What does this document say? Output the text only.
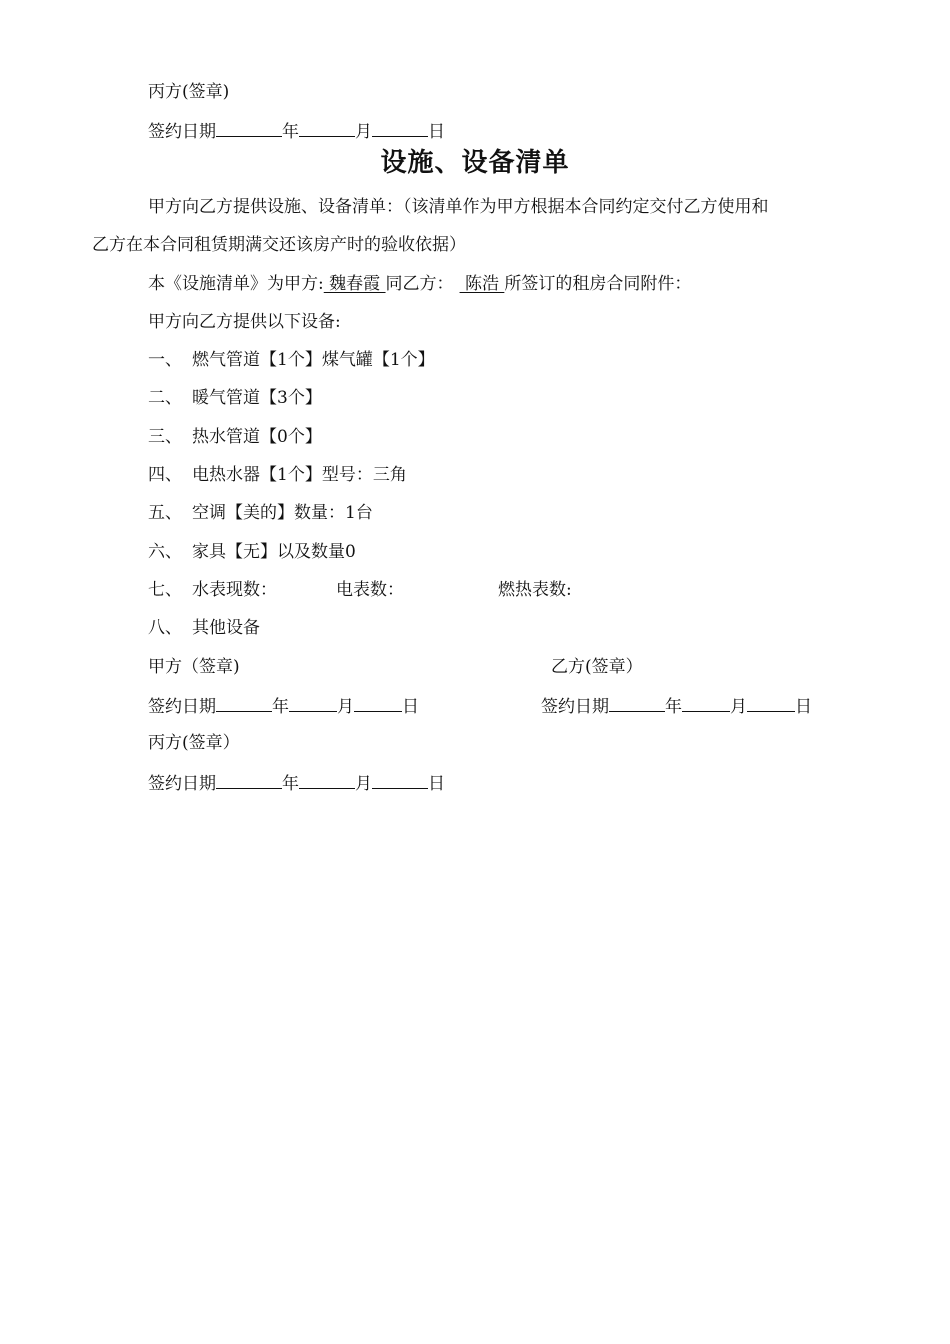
丙方(签章)
签约日期	年	月	日
设施、设备清单
甲方向乙方提供设施、设备清单：（该清单作为甲方根据本合同约定交付乙方使用和
乙方在本合同租赁期满交还该房产时的验收依据）
本《设施清单》为甲方: 魏春霞 同乙方： 陈浩 所签订的租房合同附件：
甲方向乙方提供以下设备:
一、 燃气管道【1个】煤气罐【1个】
二、 暖气管道【3个】
三、 热水管道【0个】
四、 电热水器【1个】型号：三角
五、 空调【美的】数量：1台
六、 家具【无】以及数量0
七、 水表现数：	电表数：	燃热表数:
八、 其他设备
甲方（签章)	乙方(签章）
签约日期	年	月	日	签约日期	年	月	日
丙方(签章）
签约日期	年	月	日
